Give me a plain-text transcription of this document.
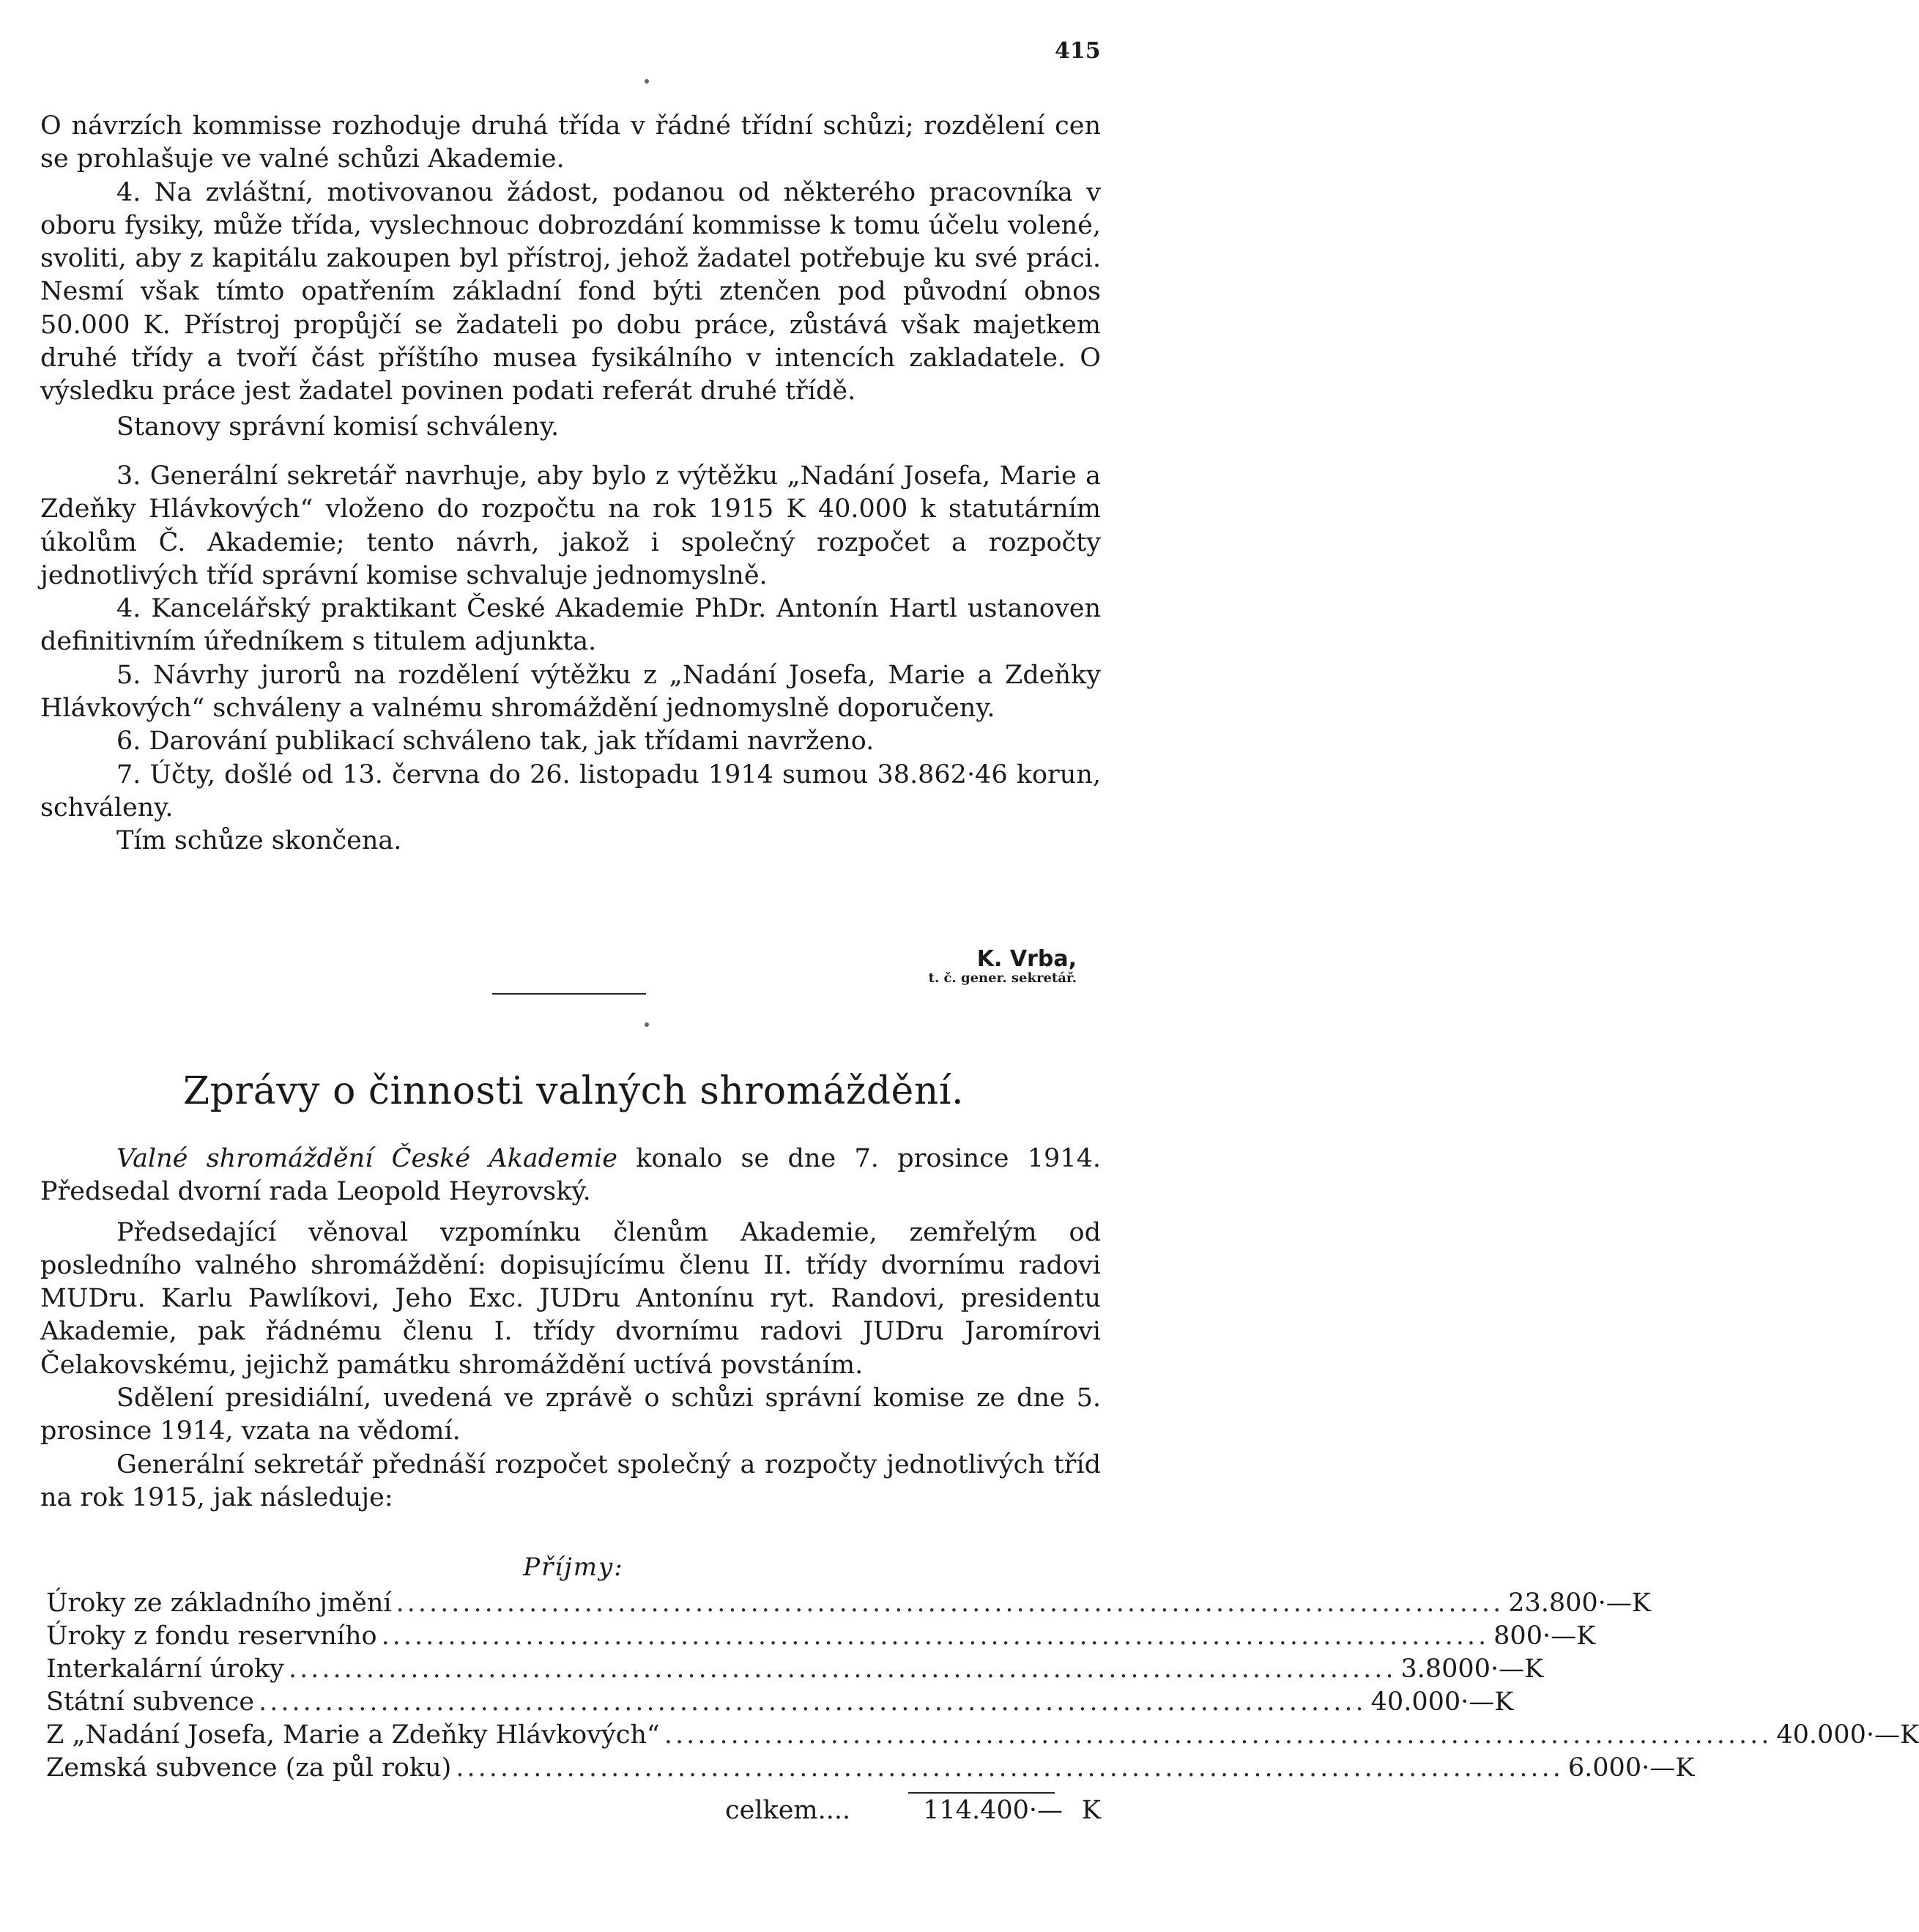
415

O návrzích kommisse rozhoduje druhá třída v řádné třídní schůzi; rozdělení cen se prohlašuje ve valné schůzi Akademie.

4. Na zvláštní, motivovanou žádost, podanou od některého pracovníka v oboru fysiky, může třída, vyslechnouc dobrozdání kommisse k tomu účelu volené, svoliti, aby z kapitálu zakoupen byl přístroj, jehož žadatel potřebuje ku své práci. Nesmí však tímto opatřením základní fond býti ztenčen pod původní obnos 50.000 K. Přístroj propůjčí se žadateli po dobu práce, zůstává však majetkem druhé třídy a tvoří část příštího musea fysikálního v intencích zakladatele. O výsledku práce jest žadatel povinen podati referát druhé třídě.

Stanovy správní komisí schváleny.

3. Generální sekretář navrhuje, aby bylo z výtěžku „Nadání Josefa, Marie a Zdeňky Hlávkových“ vloženo do rozpočtu na rok 1915 K 40.000 k statutárním úkolům Č. Akademie; tento návrh, jakož i společný rozpočet a rozpočty jednotlivých tříd správní komise schvaluje jednomyslně.

4. Kancelářský praktikant České Akademie PhDr. Antonín Hartl ustanoven definitivním úředníkem s titulem adjunkta.

5. Návrhy jurorů na rozdělení výtěžku z „Nadání Josefa, Marie a Zdeňky Hlávkových“ schváleny a valnému shromáždění jednomyslně doporučeny.

6. Darování publikací schváleno tak, jak třídami navrženo.

7. Účty, došlé od 13. června do 26. listopadu 1914 sumou 38.862·46 korun, schváleny.

Tím schůze skončena.

K. Vrba,
t. č. gener. sekretář.
Zprávy o činnosti valných shromáždění.

Valné shromáždění České Akademie konalo se dne 7. prosince 1914. Předsedal dvorní rada Leopold Heyrovský.

Předsedající věnoval vzpomínku členům Akademie, zemřelým od posledního valného shromáždění: dopisujícímu členu II. třídy dvornímu radovi MUDru. Karlu Pawlíkovi, Jeho Exc. JUDru Antonínu ryt. Randovi, presidentu Akademie, pak řádnému členu I. třídy dvornímu radovi JUDru Jaromírovi Čelakovskému, jejichž památku shromáždění uctívá povstáním.

Sdělení presidiální, uvedená ve zprávě o schůzi správní komise ze dne 5. prosince 1914, vzata na vědomí.

Generální sekretář přednáší rozpočet společný a rozpočty jednotlivých tříd na rok 1915, jak následuje:

Příjmy:
Úroky ze základního jmění .................................................................................................... 23.800·— K
Úroky z fondu reservního .................................................................................................... 800·— K
Interkalární úroky .................................................................................................... 3.8000·— K
Státní subvence .................................................................................................... 40.000·— K
Z „Nadání Josefa, Marie a Zdeňky Hlávkových“ .................................................................................................... 40.000·— K
Zemská subvence (za půl roku) .................................................................................................... 6.000·— K
celkem....	114.400·— K
